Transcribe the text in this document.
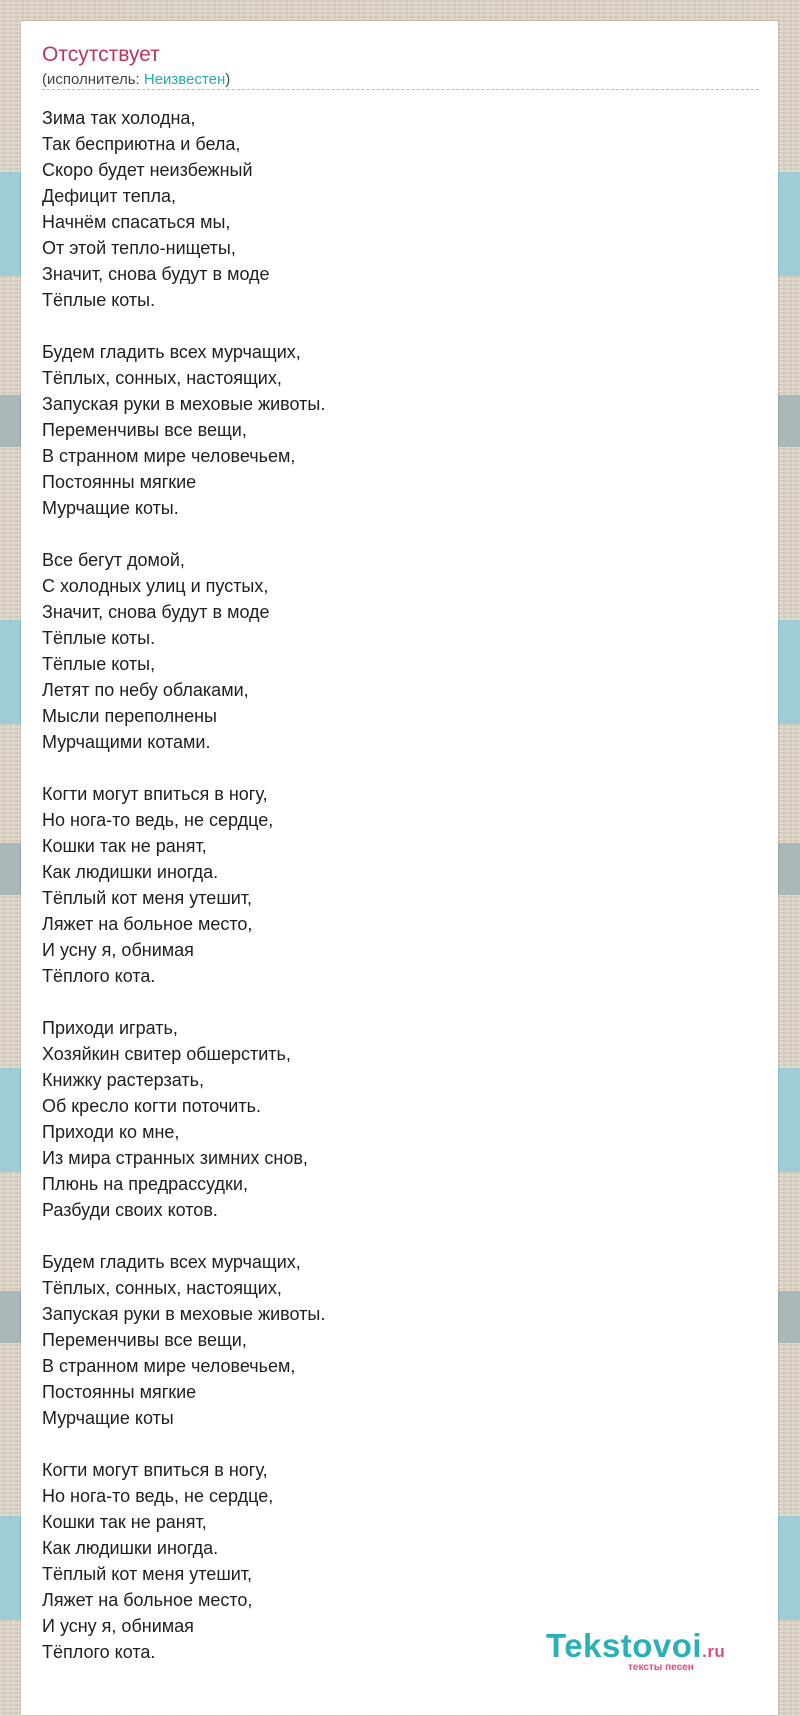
Отсутствует
(исполнитель: Неизвестен)
Зима так холодна,
Так бесприютна и бела,
Скоро будет неизбежный
Дефицит тепла,
Начнём спасаться мы,
От этой тепло-нищеты,
Значит, снова будут в моде
Тёплые коты.
Будем гладить всех мурчащих,
Тёплых, сонных, настоящих,
Запуская руки в меховые животы.
Переменчивы все вещи,
В странном мире человечьем,
Постоянны мягкие
Мурчащие коты.
Все бегут домой,
С холодных улиц и пустых,
Значит, снова будут в моде
Тёплые коты.
Тёплые коты,
Летят по небу облаками,
Мысли переполнены
Мурчащими котами.
Когти могут впиться в ногу,
Но нога-то ведь, не сердце,
Кошки так не ранят,
Как людишки иногда.
Тёплый кот меня утешит,
Ляжет на больное место,
И усну я, обнимая
Тёплого кота.
Приходи играть,
Хозяйкин свитер обшерстить,
Книжку растерзать,
Об кресло когти поточить.
Приходи ко мне,
Из мира странных зимних снов,
Плюнь на предрассудки,
Разбуди своих котов.
Будем гладить всех мурчащих,
Тёплых, сонных, настоящих,
Запуская руки в меховые животы.
Переменчивы все вещи,
В странном мире человечьем,
Постоянны мягкие
Мурчащие коты
Когти могут впиться в ногу,
Но нога-то ведь, не сердце,
Кошки так не ранят,
Как людишки иногда.
Тёплый кот меня утешит,
Ляжет на больное место,
И усну я, обнимая
Тёплого кота.	Tekstovoi.ru
тексты песен
